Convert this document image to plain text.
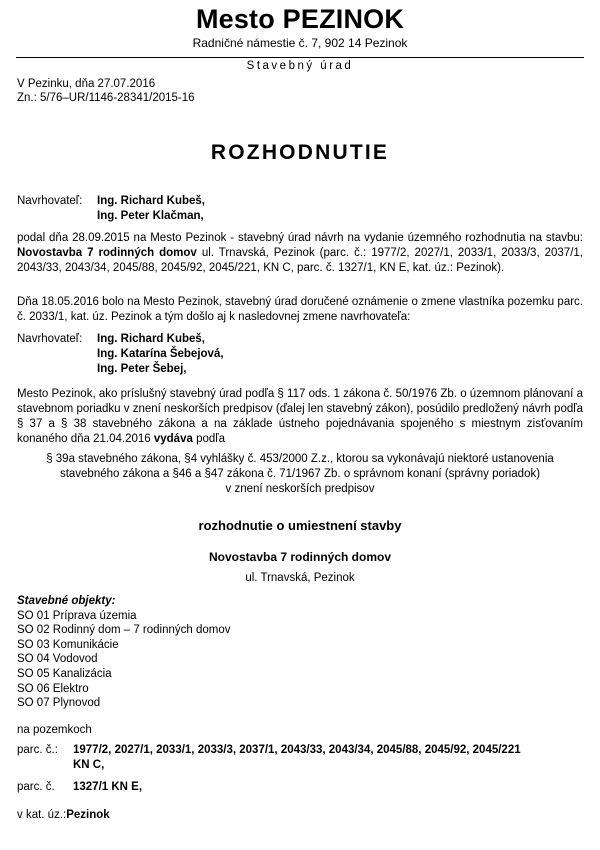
Mesto PEZINOK
Radničné námestie č. 7, 902 14 Pezinok
Stavebný úrad
V Pezinku, dňa 27.07.2016
Zn.: 5/76–UR/1146-28341/2015-16
ROZHODNUTIE
Navrhovateľ:	Ing. Richard Kubeš,
Ing. Peter Klačman,
podal dňa 28.09.2015 na Mesto Pezinok - stavebný úrad návrh na vydanie územného rozhodnutia na stavbu: Novostavba 7 rodinných domov ul. Trnavská, Pezinok (parc. č.: 1977/2, 2027/1, 2033/1, 2033/3, 2037/1, 2043/33, 2043/34, 2045/88, 2045/92, 2045/221, KN C, parc. č. 1327/1, KN E, kat. úz.: Pezinok).
Dňa 18.05.2016 bolo na Mesto Pezinok, stavebný úrad doručené oznámenie o zmene vlastníka pozemku parc. č. 2033/1, kat. úz. Pezinok a tým došlo aj k nasledovnej zmene navrhovateľa:
Navrhovateľ:	Ing. Richard Kubeš,
Ing. Katarína Šebejová,
Ing. Peter Šebej,
Mesto Pezinok, ako príslušný stavebný úrad podľa § 117 ods. 1 zákona č. 50/1976 Zb. o územnom plánovaní a stavebnom poriadku v znení neskorších predpisov (ďalej len stavebný zákon), posúdilo predložený návrh podľa § 37 a § 38 stavebného zákona a na základe ústneho pojednávania spojeného s miestnym zisťovaním konaného dňa 21.04.2016 vydáva podľa
§ 39a stavebného zákona, §4 vyhlášky č. 453/2000 Z.z., ktorou sa vykonávajú niektoré ustanovenia
stavebného zákona a §46 a §47 zákona č. 71/1967 Zb. o správnom konaní (správny poriadok)
v znení neskorších predpisov
rozhodnutie o umiestnení stavby
Novostavba 7 rodinných domov
ul. Trnavská, Pezinok
Stavebné objekty:
SO 01 Príprava územia
SO 02 Rodinný dom – 7 rodinných domov
SO 03 Komunikácie
SO 04 Vodovod
SO 05 Kanalizácia
SO 06 Elektro
SO 07 Plynovod
na pozemkoch
parc. č.:	1977/2, 2027/1, 2033/1, 2033/3, 2037/1, 2043/33, 2043/34, 2045/88, 2045/92, 2045/221
KN C,
parc. č.	1327/1 KN E,
v kat. úz.:Pezinok
